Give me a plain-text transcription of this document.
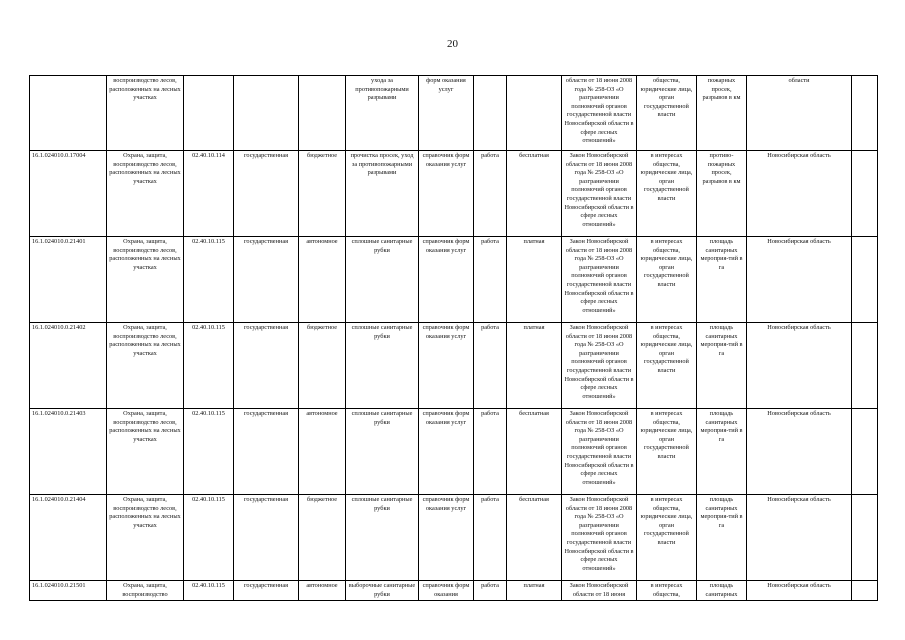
20
	воспроизводство лесов, расположенных на лесных участках				ухода за противопожарными разрывами	форм оказания услуг			области от 18 июня 2008 года № 258-ОЗ «О разграничении полномочий органов государственной власти Новосибирской области в сфере лесных отношений»	общества, юридические лица, орган государственной власти	пожарных просек, разрывов в км	области	
16.1.024010.0.17004	Охрана, защита, воспроизводство лесов, расположенных на лесных участках	02.40.10.114	государственная	бюджетное	прочистка просек, уход за противопожарными разрывами	справочник форм оказания услуг	работа	бесплатная	Закон Новосибирской области от 18 июня 2008 года № 258-ОЗ «О разграничении полномочий органов государственной власти Новосибирской области в сфере лесных отношений»	в интересах общества, юридические лица, орган государственной власти	противо-пожарных просек, разрывов в км	Новосибирская область	
16.1.024010.0.21401	Охрана, защита, воспроизводство лесов, расположенных на лесных участках	02.40.10.115	государственная	автономное	сплошные санитарные рубки	справочник форм оказания услуг	работа	платная	Закон Новосибирской области от 18 июня 2008 года № 258-ОЗ «О разграничении полномочий органов государственной власти Новосибирской области в сфере лесных отношений»	в интересах общества, юридические лица, орган государственной власти	площадь санитарных мероприя-тий в га	Новосибирская область	
16.1.024010.0.21402	Охрана, защита, воспроизводство лесов, расположенных на лесных участках	02.40.10.115	государственная	бюджетное	сплошные санитарные рубки	справочник форм оказания услуг	работа	платная	Закон Новосибирской области от 18 июня 2008 года № 258-ОЗ «О разграничении полномочий органов государственной власти Новосибирской области в сфере лесных отношений»	в интересах общества, юридические лица, орган государственной власти	площадь санитарных мероприя-тий в га	Новосибирская область	
16.1.024010.0.21403	Охрана, защита, воспроизводство лесов, расположенных на лесных участках	02.40.10.115	государственная	автономное	сплошные санитарные рубки	справочник форм оказания услуг	работа	бесплатная	Закон Новосибирской области от 18 июня 2008 года № 258-ОЗ «О разграничении полномочий органов государственной власти Новосибирской области в сфере лесных отношений»	в интересах общества, юридические лица, орган государственной власти	площадь санитарных мероприя-тий в га	Новосибирская область	
16.1.024010.0.21404	Охрана, защита, воспроизводство лесов, расположенных на лесных участках	02.40.10.115	государственная	бюджетное	сплошные санитарные рубки	справочник форм оказания услуг	работа	бесплатная	Закон Новосибирской области от 18 июня 2008 года № 258-ОЗ «О разграничении полномочий органов государственной власти Новосибирской области в сфере лесных отношений»	в интересах общества, юридические лица, орган государственной власти	площадь санитарных мероприя-тий в га	Новосибирская область	
16.1.024010.0.21501	Охрана, защита, воспроизводство	02.40.10.115	государственная	автономное	выборочные санитарные рубки	справочник форм оказания	работа	платная	Закон Новосибирской области от 18 июня	в интересах общества,	площадь санитарных	Новосибирская область	
